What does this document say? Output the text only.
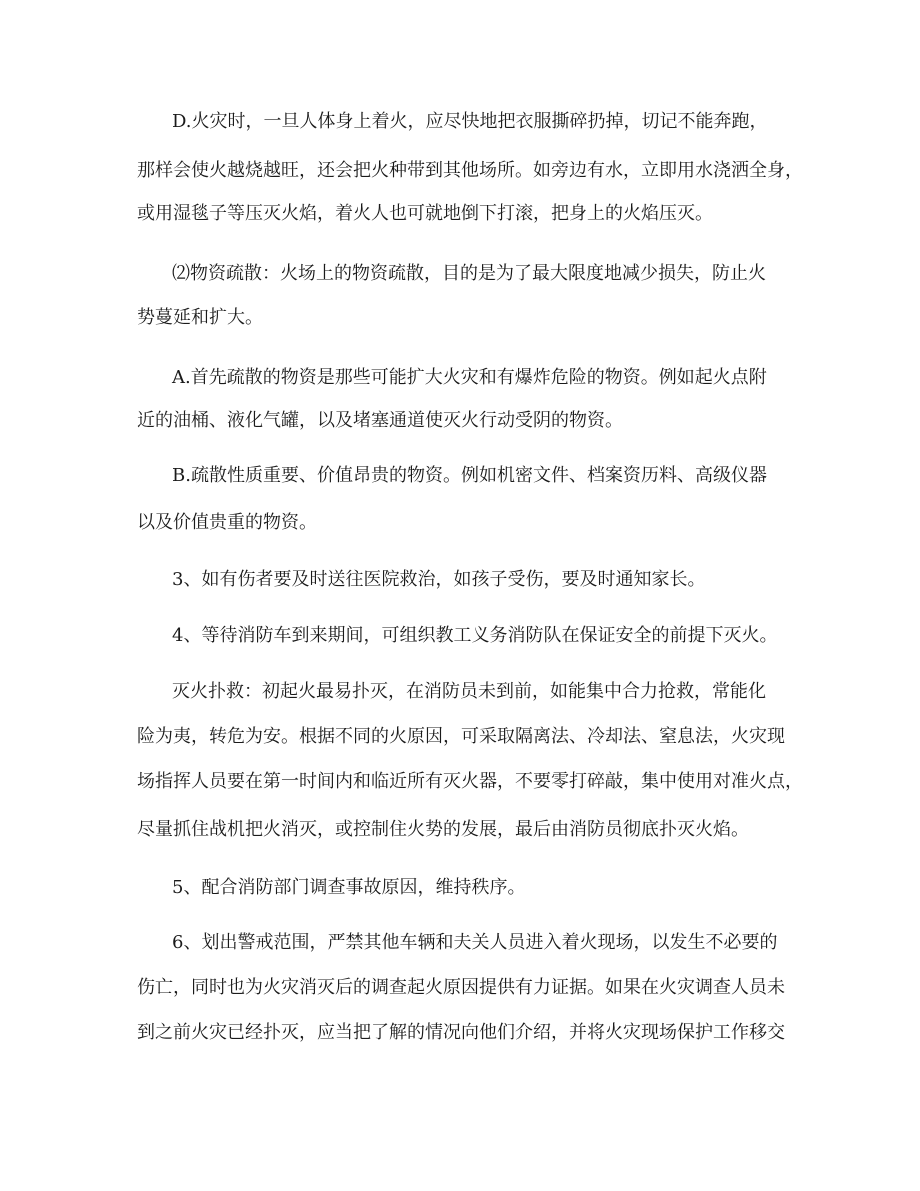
D.火灾时，一旦人体身上着火，应尽快地把衣服撕碎扔掉，切记不能奔跑，
那样会使火越烧越旺，还会把火种带到其他场所。如旁边有水，立即用水浇洒全身，
或用湿毯子等压灭火焰，着火人也可就地倒下打滚，把身上的火焰压灭。
⑵物资疏散：火场上的物资疏散，目的是为了最大限度地减少损失，防止火
势蔓延和扩大。
A.首先疏散的物资是那些可能扩大火灾和有爆炸危险的物资。例如起火点附
近的油桶、液化气罐，以及堵塞通道使灭火行动受阴的物资。
B.疏散性质重要、价值昂贵的物资。例如机密文件、档案资历料、高级仪器
以及价值贵重的物资。
3、如有伤者要及时送往医院救治，如孩子受伤，要及时通知家长。
4、等待消防车到来期间，可组织教工义务消防队在保证安全的前提下灭火。
灭火扑救：初起火最易扑灭，在消防员未到前，如能集中合力抢救，常能化
险为夷，转危为安。根据不同的火原因，可采取隔离法、冷却法、窒息法，火灾现
场指挥人员要在第一时间内和临近所有灭火器，不要零打碎敲，集中使用对准火点，
尽量抓住战机把火消灭，或控制住火势的发展，最后由消防员彻底扑灭火焰。
5、配合消防部门调查事故原因，维持秩序。
6、划出警戒范围，严禁其他车辆和夫关人员进入着火现场，以发生不必要的
伤亡，同时也为火灾消灭后的调查起火原因提供有力证据。如果在火灾调查人员未
到之前火灾已经扑灭，应当把了解的情况向他们介绍，并将火灾现场保护工作移交
